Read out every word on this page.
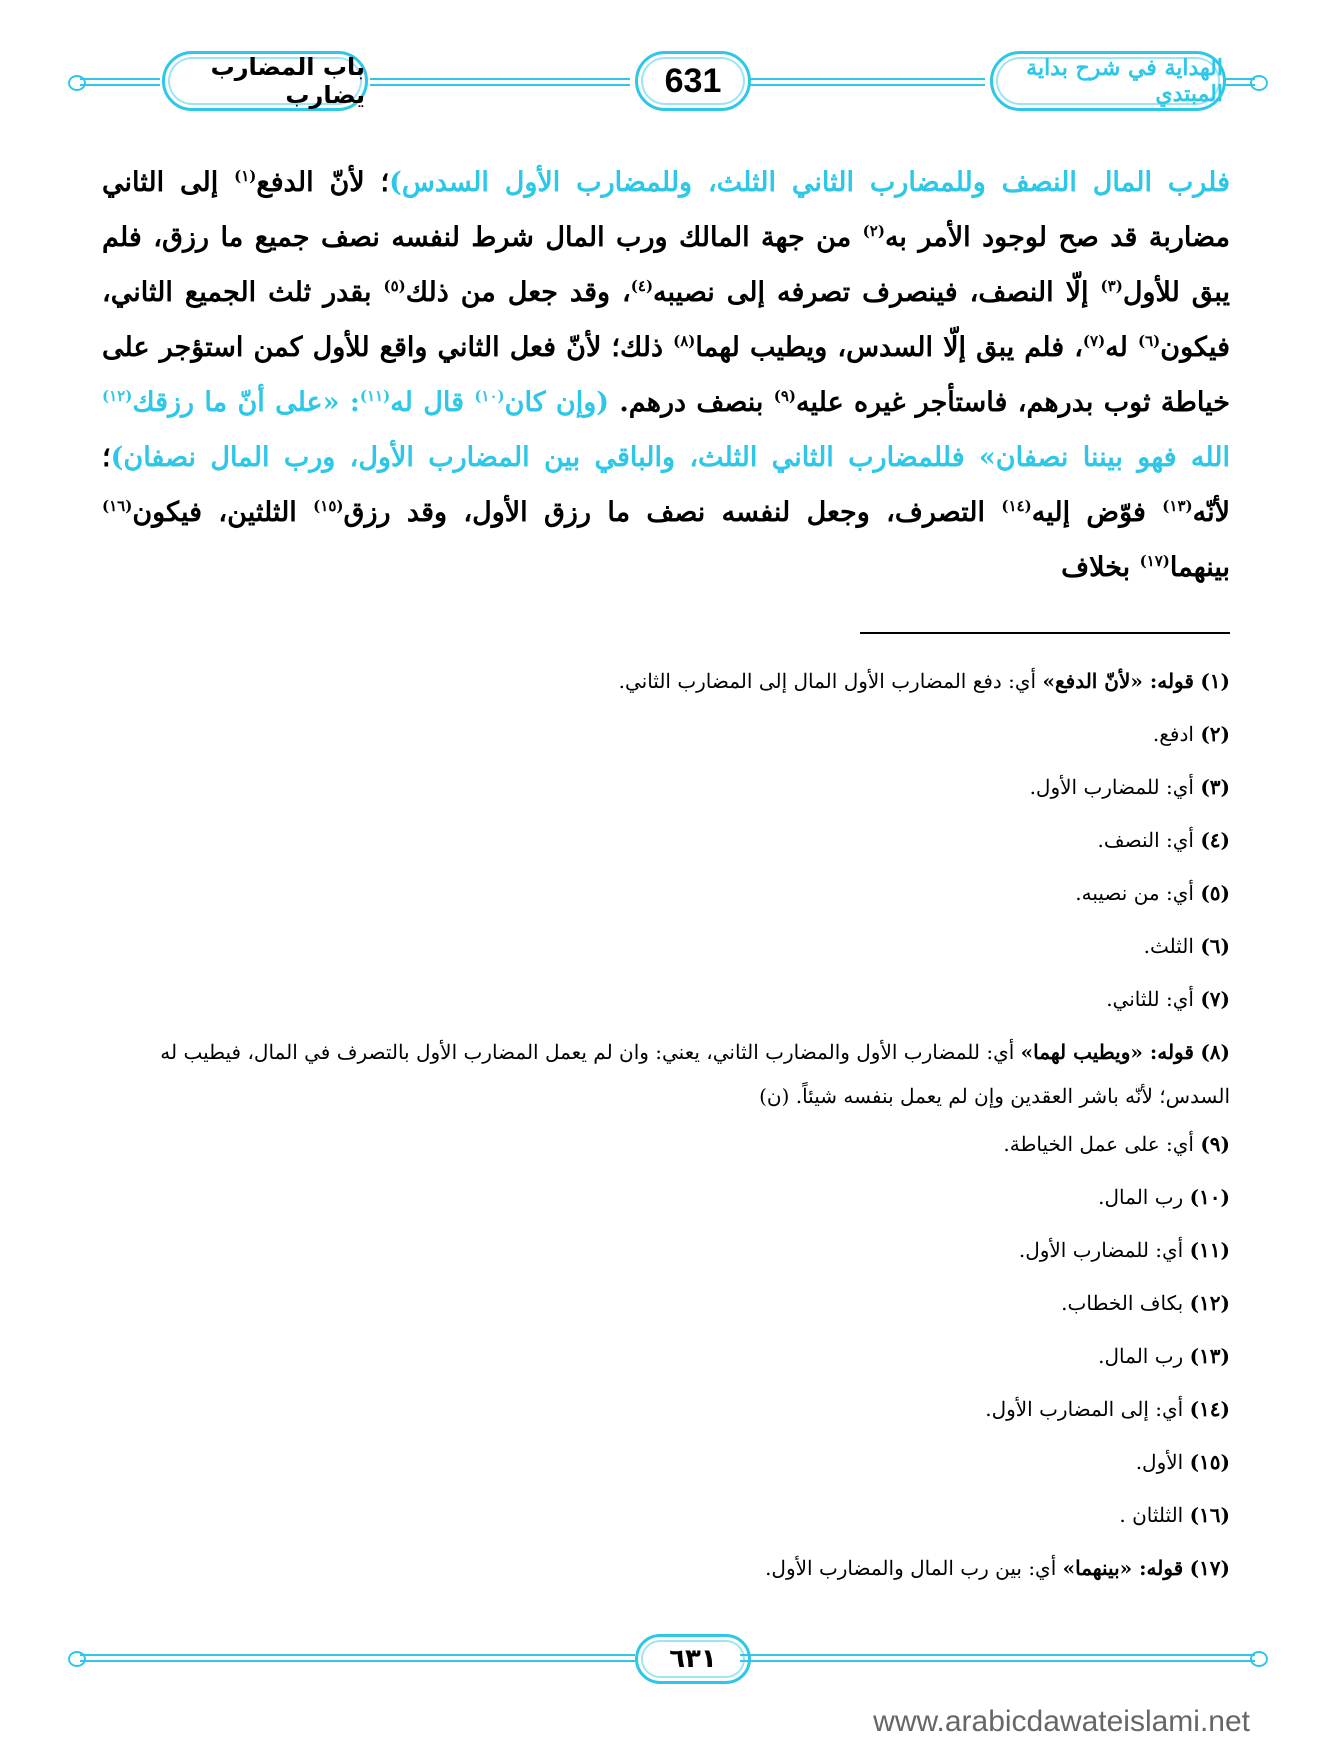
باب المضارب يضارب	631	الهداية في شرح بداية المبتدي
فلرب المال النصف وللمضارب الثاني الثلث، وللمضارب الأول السدس)؛ لأنّ الدفع$^{(١)}$ إلى الثاني مضاربة قد صح لوجود الأمر به$^{(٢)}$ من جهة المالك ورب المال شرط لنفسه نصف جميع ما رزق، فلم يبق للأول$^{(٣)}$ إلّا النصف، فينصرف تصرفه إلى نصيبه$^{(٤)}$، وقد جعل من ذلك$^{(٥)}$ بقدر ثلث الجميع الثاني، فيكون$^{(٦)}$ له$^{(٧)}$، فلم يبق إلّا السدس، ويطيب لهما$^{(٨)}$ ذلك؛ لأنّ فعل الثاني واقع للأول كمن استؤجر على خياطة ثوب بدرهم، فاستأجر غيره عليه$^{(٩)}$ بنصف درهم. (وإن كان$^{(١٠)}$ قال له$^{(١١)}$: «على أنّ ما رزقك$^{(١٢)}$ الله فهو بيننا نصفان» فللمضارب الثاني الثلث، والباقي بين المضارب الأول، ورب المال نصفان)؛ لأنّه$^{(١٣)}$ فوّض إليه$^{(١٤)}$ التصرف، وجعل لنفسه نصف ما رزق الأول، وقد رزق$^{(١٥)}$ الثلثين، فيكون$^{(١٦)}$ بينهما$^{(١٧)}$ بخلاف
(١) قوله: «لأنّ الدفع» أي: دفع المضارب الأول المال إلى المضارب الثاني.
(٢) ادفع.
(٣) أي: للمضارب الأول.
(٤) أي: النصف.
(٥) أي: من نصيبه.
(٦) الثلث.
(٧) أي: للثاني.
(٨) قوله: «ويطيب لهما» أي: للمضارب الأول والمضارب الثاني، يعني: وان لم يعمل المضارب الأول بالتصرف في المال، فيطيب له السدس؛ لأنّه باشر العقدين وإن لم يعمل بنفسه شيئاً. (ن)
(٩) أي: على عمل الخياطة.
(١٠) رب المال.
(١١) أي: للمضارب الأول.
(١٢) بكاف الخطاب.
(١٣) رب المال.
(١٤) أي: إلى المضارب الأول.
(١٥) الأول.
(١٦) الثلثان .
(١٧) قوله: «بينهما» أي: بين رب المال والمضارب الأول.
٦٣١
www.arabicdawateislami.net
